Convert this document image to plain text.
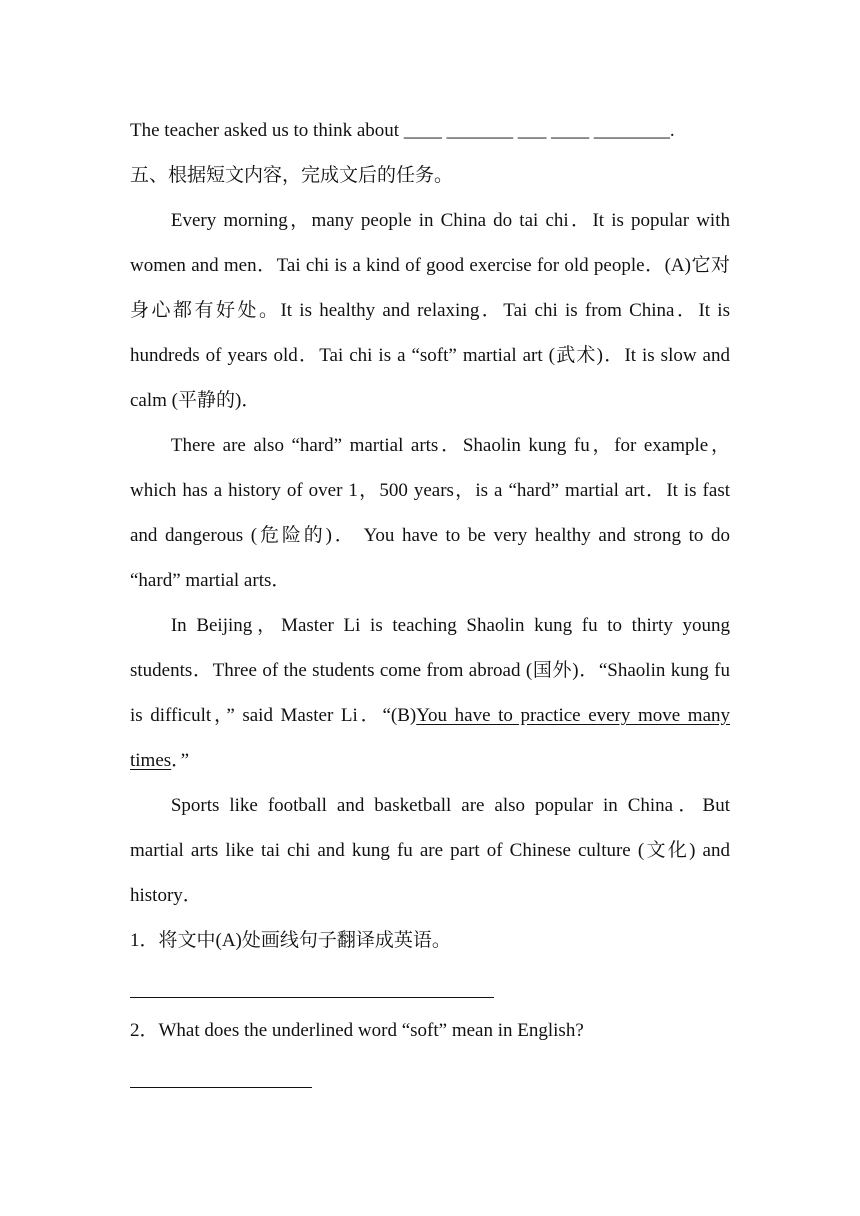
The teacher asked us to think about ____ _______ ___ ____ ________.

五、根据短文内容，完成文后的任务。

Every morning，many people in China do tai chi．It is popular with women and men．Tai chi is a kind of good exercise for old people．(A)它对身心都有好处。It is healthy and relaxing．Tai chi is from China．It is hundreds of years old．Tai chi is a “soft” martial art (武术)．It is slow and calm (平静的)．

There are also “hard” martial arts．Shaolin kung fu，for example，which has a history of over 1，500 years，is a “hard” martial art．It is fast and dangerous (危险的)． You have to be very healthy and strong to do “hard” martial arts．

In Beijing，Master Li is teaching Shaolin kung fu to thirty young students．Three of the students come from abroad (国外)．“Shaolin kung fu is difficult，” said Master Li．“(B)You have to practice every move many times．”

Sports like football and basketball are also popular in China．But martial arts like tai chi and kung fu are part of Chinese culture (文化) and history．

1．将文中(A)处画线句子翻译成英语。

2．What does the underlined word “soft” mean in English?
